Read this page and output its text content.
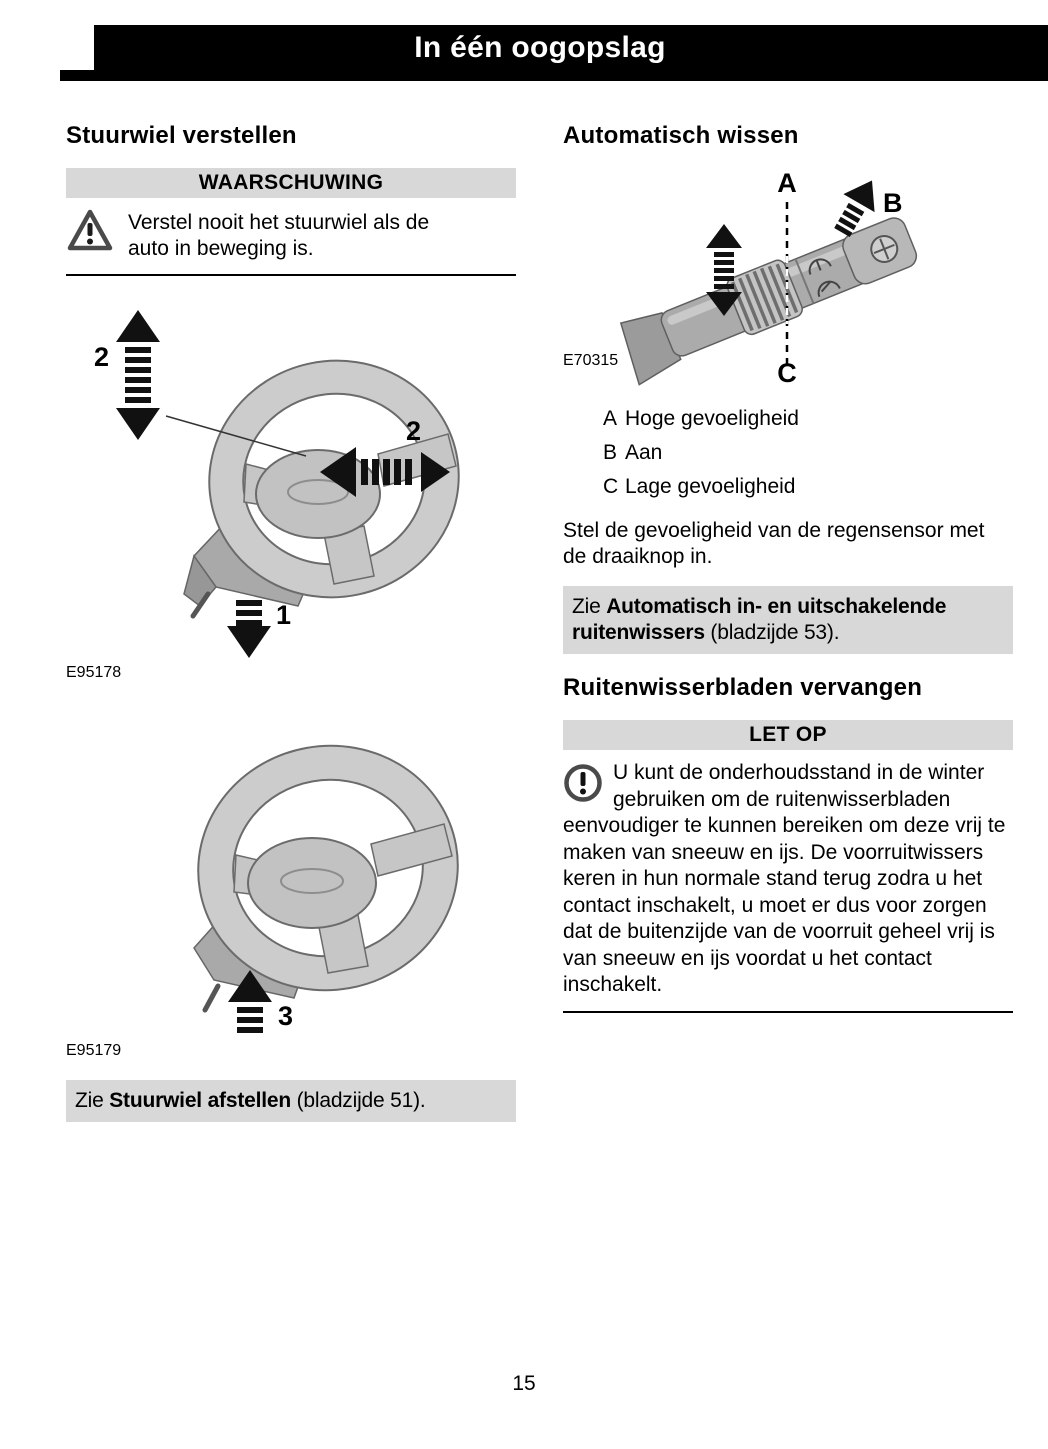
In één oogopslag
Stuurwiel verstellen
WAARSCHUWING

Verstel nooit het stuurwiel als de auto in beweging is.

2
2
1
E95178
3
E95179
Zie Stuurwiel afstellen (bladzijde 51).
Automatisch wissen
A
B
C
E70315
A Hoge gevoeligheid
B Aan
C Lage gevoeligheid

Stel de gevoeligheid van de regensensor met de draaiknop in.

Zie Automatisch in- en uitschakelende ruitenwissers (bladzijde 53).
Ruitenwisserbladen vervangen
LET OP

U kunt de onderhoudsstand in de winter gebruiken om de ruitenwisserbladen eenvoudiger te kunnen bereiken om deze vrij te maken van sneeuw en ijs. De voorruitwissers keren in hun normale stand terug zodra u het contact inschakelt, u moet er dus voor zorgen dat de buitenzijde van de voorruit geheel vrij is van sneeuw en ijs voordat u het contact inschakelt.

15
